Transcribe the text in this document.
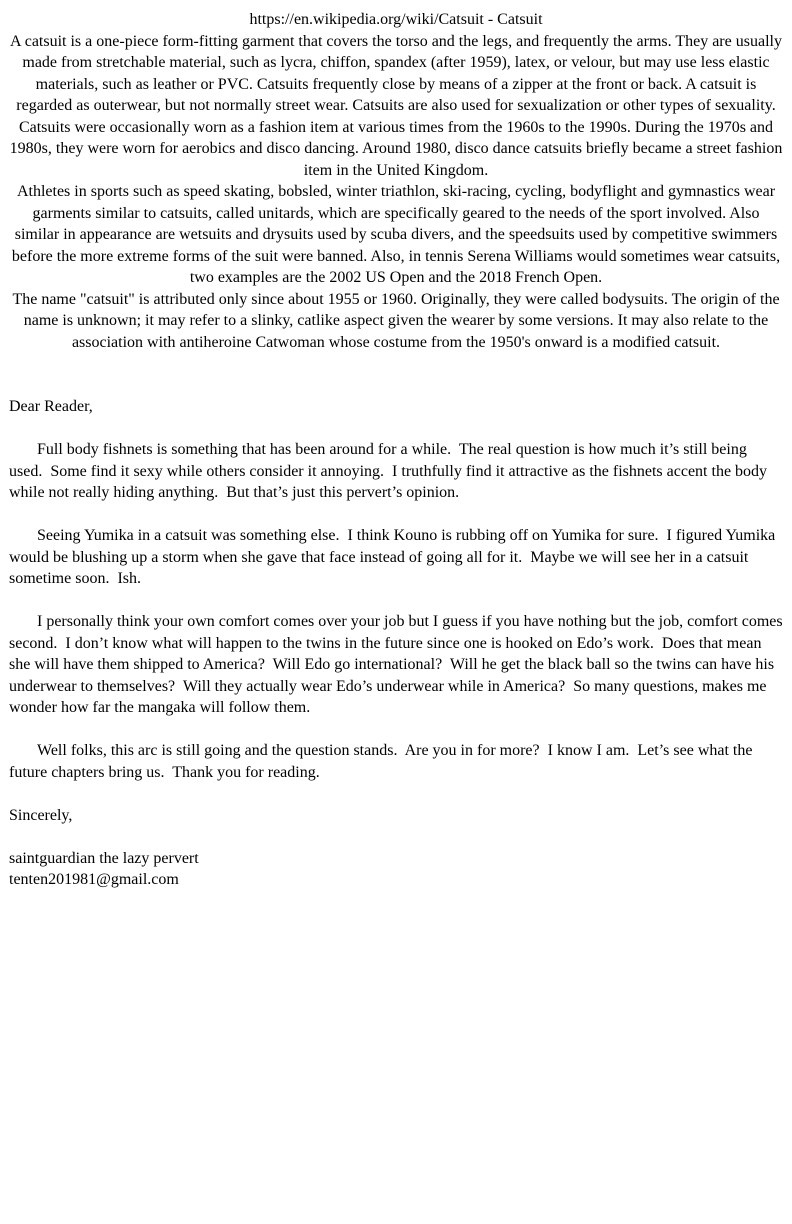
https://en.wikipedia.org/wiki/Catsuit - Catsuit

A catsuit is a one-piece form-fitting garment that covers the torso and the legs, and frequently the arms. They are usually made from stretchable material, such as lycra, chiffon, spandex (after 1959), latex, or velour, but may use less elastic materials, such as leather or PVC. Catsuits frequently close by means of a zipper at the front or back. A catsuit is regarded as outerwear, but not normally street wear. Catsuits are also used for sexualization or other types of sexuality.

Catsuits were occasionally worn as a fashion item at various times from the 1960s to the 1990s. During the 1970s and 1980s, they were worn for aerobics and disco dancing. Around 1980, disco dance catsuits briefly became a street fashion item in the United Kingdom.

Athletes in sports such as speed skating, bobsled, winter triathlon, ski-racing, cycling, bodyflight and gymnastics wear garments similar to catsuits, called unitards, which are specifically geared to the needs of the sport involved. Also similar in appearance are wetsuits and drysuits used by scuba divers, and the speedsuits used by competitive swimmers before the more extreme forms of the suit were banned. Also, in tennis Serena Williams would sometimes wear catsuits, two examples are the 2002 US Open and the 2018 French Open.

The name "catsuit" is attributed only since about 1955 or 1960. Originally, they were called bodysuits. The origin of the name is unknown; it may refer to a slinky, catlike aspect given the wearer by some versions. It may also relate to the association with antiheroine Catwoman whose costume from the 1950's onward is a modified catsuit.

Dear Reader,

Full body fishnets is something that has been around for a while.  The real question is how much it’s still being used.  Some find it sexy while others consider it annoying.  I truthfully find it attractive as the fishnets accent the body while not really hiding anything.  But that’s just this pervert’s opinion.

Seeing Yumika in a catsuit was something else.  I think Kouno is rubbing off on Yumika for sure.  I figured Yumika would be blushing up a storm when she gave that face instead of going all for it.  Maybe we will see her in a catsuit sometime soon.  Ish.

I personally think your own comfort comes over your job but I guess if you have nothing but the job, comfort comes second.  I don’t know what will happen to the twins in the future since one is hooked on Edo’s work.  Does that mean she will have them shipped to America?  Will Edo go international?  Will he get the black ball so the twins can have his underwear to themselves?  Will they actually wear Edo’s underwear while in America?  So many questions, makes me wonder how far the mangaka will follow them.

Well folks, this arc is still going and the question stands.  Are you in for more?  I know I am.  Let’s see what the future chapters bring us.  Thank you for reading.

Sincerely,

saintguardian the lazy pervert

tenten201981@gmail.com
